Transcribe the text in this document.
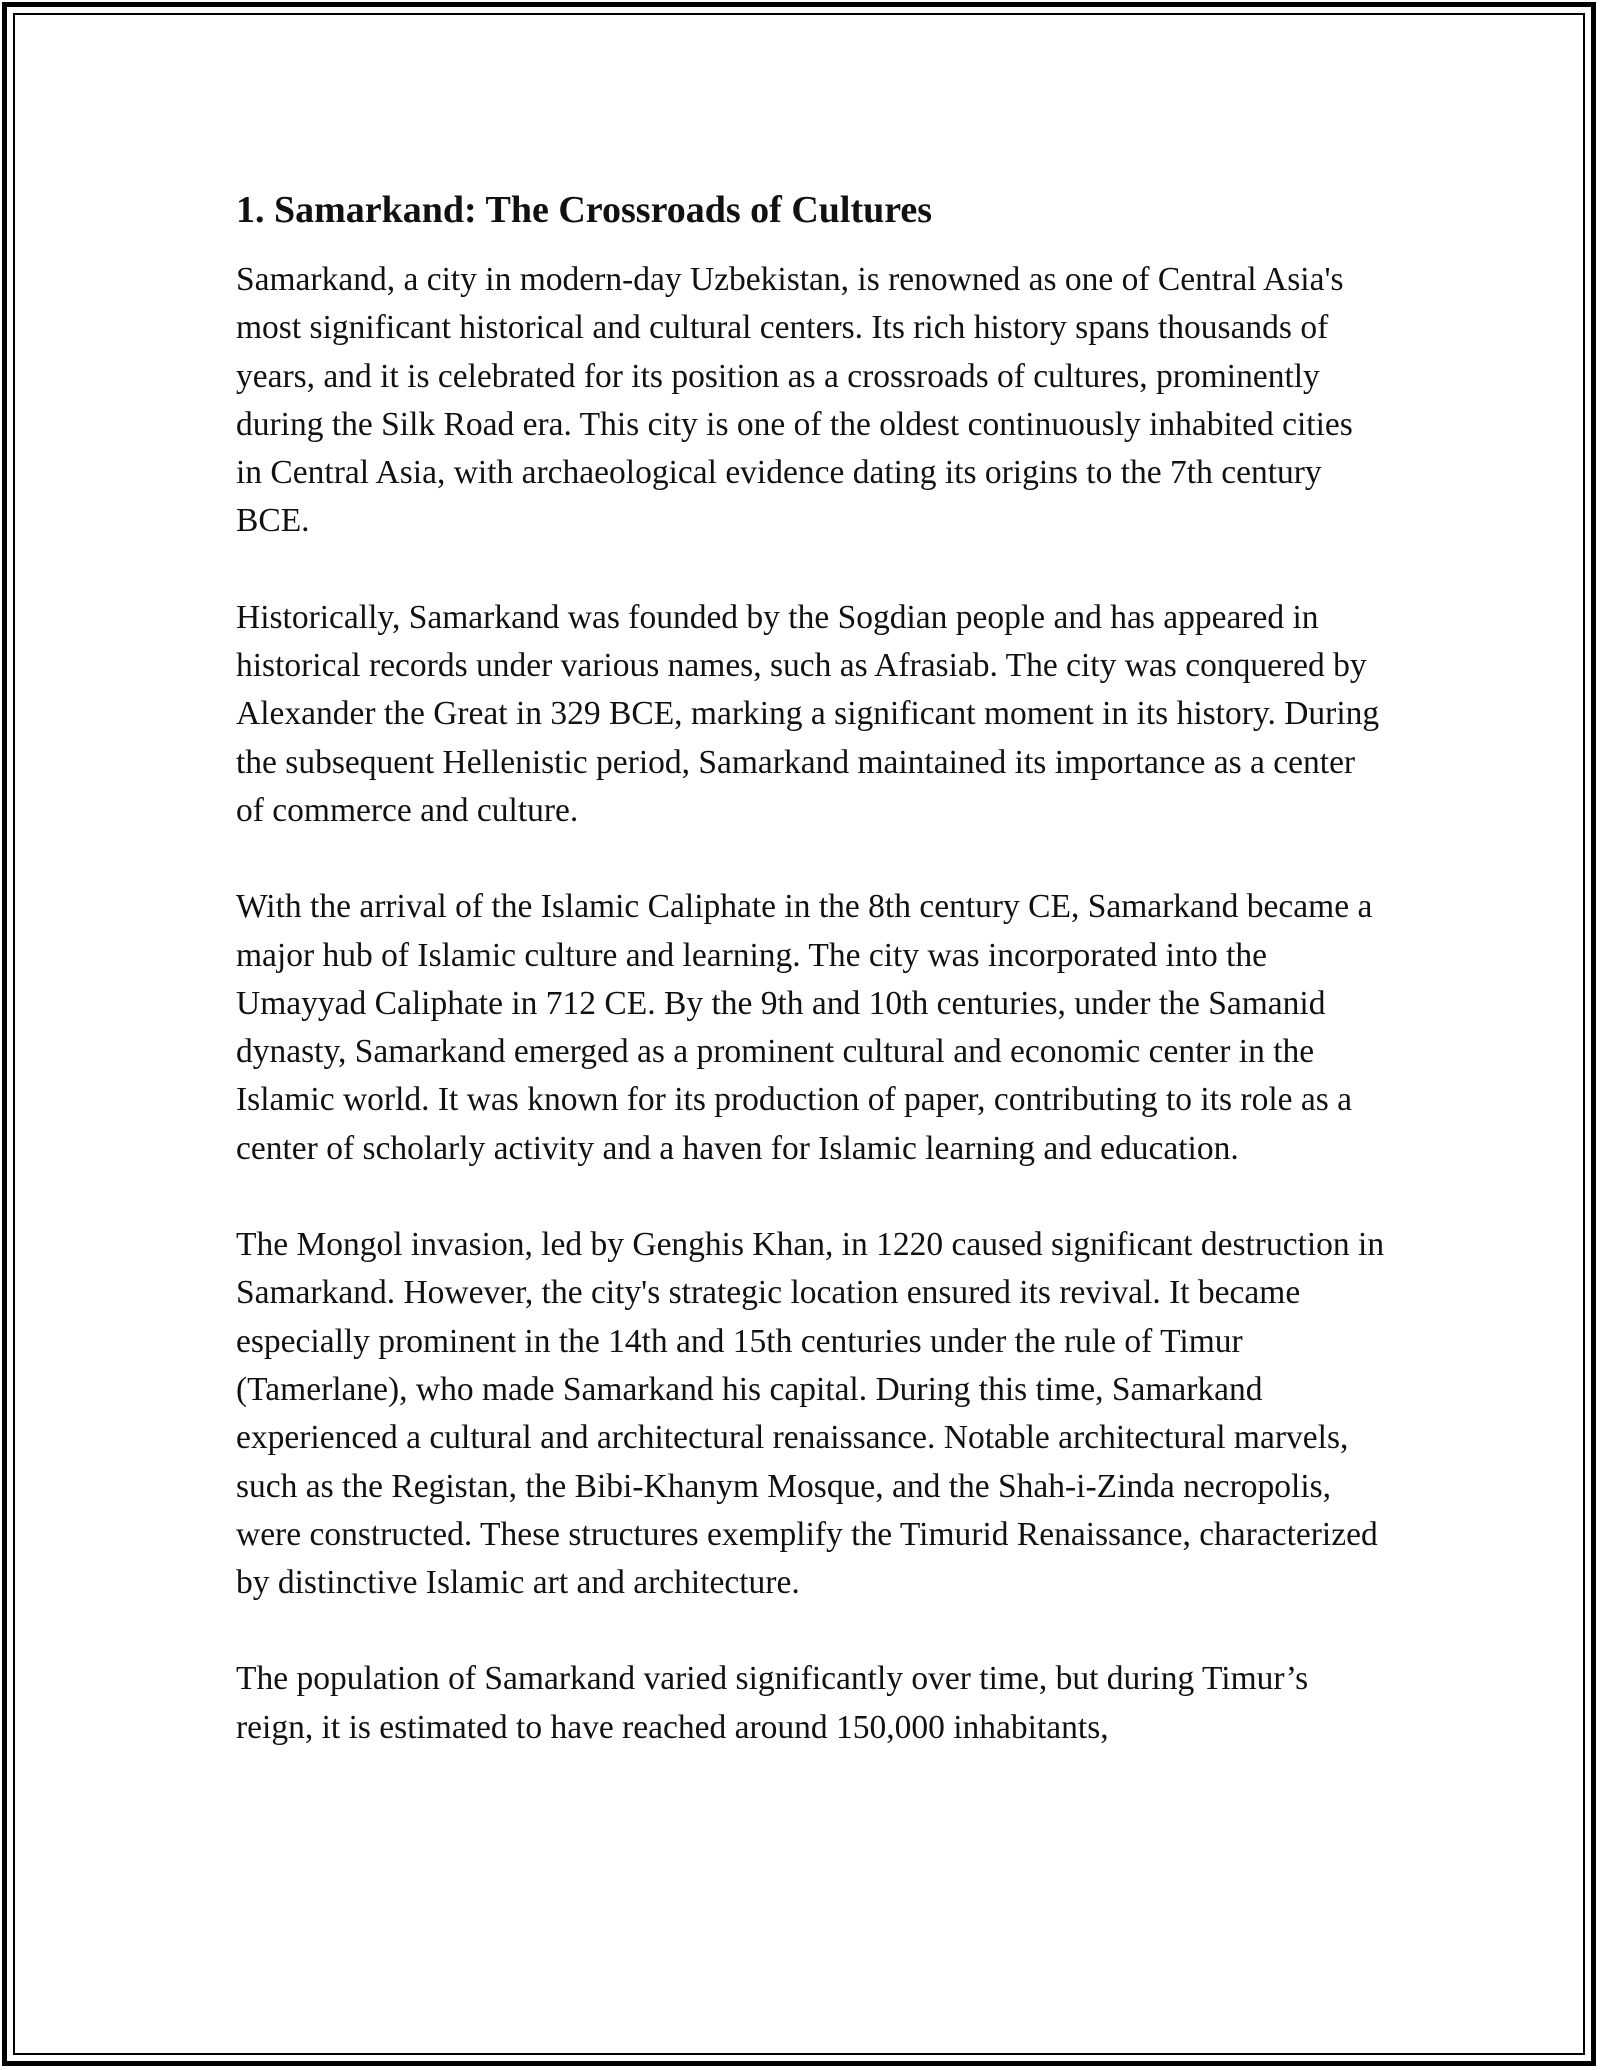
1. Samarkand: The Crossroads of Cultures

Samarkand, a city in modern-day Uzbekistan, is renowned as one of Central Asia's most significant historical and cultural centers. Its rich history spans thousands of years, and it is celebrated for its position as a crossroads of cultures, prominently during the Silk Road era. This city is one of the oldest continuously inhabited cities in Central Asia, with archaeological evidence dating its origins to the 7th century BCE.

Historically, Samarkand was founded by the Sogdian people and has appeared in historical records under various names, such as Afrasiab. The city was conquered by Alexander the Great in 329 BCE, marking a significant moment in its history. During the subsequent Hellenistic period, Samarkand maintained its importance as a center of commerce and culture.

With the arrival of the Islamic Caliphate in the 8th century CE, Samarkand became a major hub of Islamic culture and learning. The city was incorporated into the Umayyad Caliphate in 712 CE. By the 9th and 10th centuries, under the Samanid dynasty, Samarkand emerged as a prominent cultural and economic center in the Islamic world. It was known for its production of paper, contributing to its role as a center of scholarly activity and a haven for Islamic learning and education.

The Mongol invasion, led by Genghis Khan, in 1220 caused significant destruction in Samarkand. However, the city's strategic location ensured its revival. It became especially prominent in the 14th and 15th centuries under the rule of Timur (Tamerlane), who made Samarkand his capital. During this time, Samarkand experienced a cultural and architectural renaissance. Notable architectural marvels, such as the Registan, the Bibi-Khanym Mosque, and the Shah-i-Zinda necropolis, were constructed. These structures exemplify the Timurid Renaissance, characterized by distinctive Islamic art and architecture.

The population of Samarkand varied significantly over time, but during Timur’s reign, it is estimated to have reached around 150,000 inhabitants,
